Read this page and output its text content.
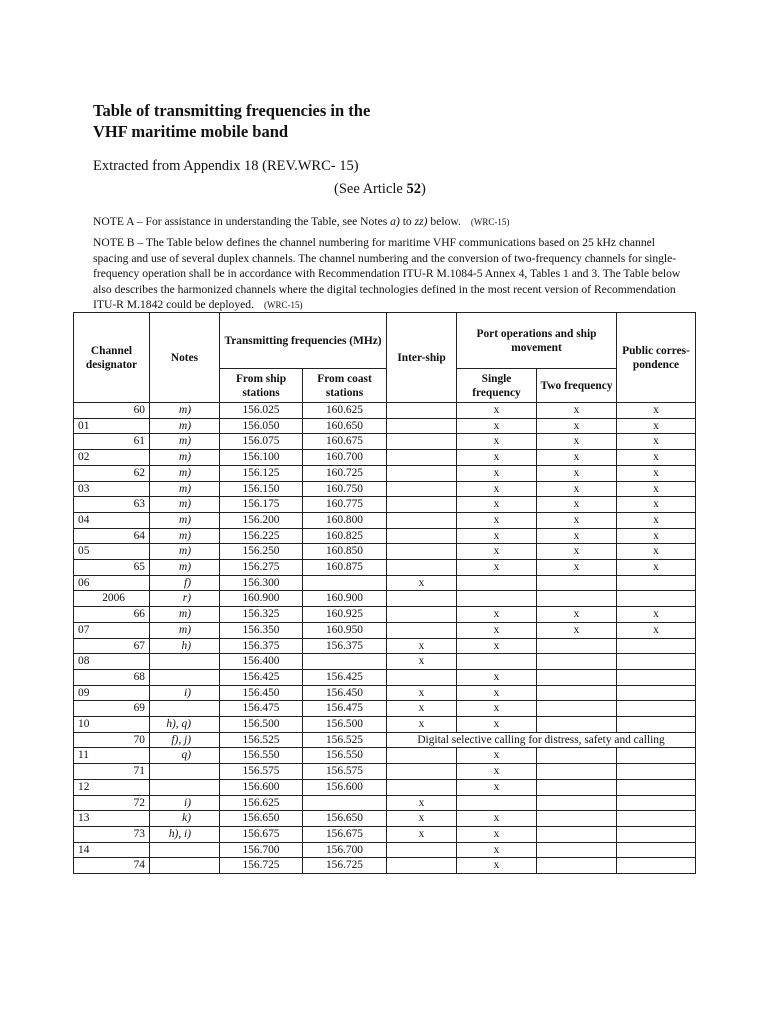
Table of transmitting frequencies in the
VHF maritime mobile band
Extracted from Appendix 18 (REV.WRC- 15)
(See Article 52)
NOTE A – For assistance in understanding the Table, see Notes a) to zz) below. (WRC-15)
NOTE B – The Table below defines the channel numbering for maritime VHF communications based on 25 kHz channel spacing and use of several duplex channels. The channel numbering and the conversion of two-frequency channels for single-frequency operation shall be in accordance with Recommendation ITU-R M.1084-5 Annex 4, Tables 1 and 3. The Table below also describes the harmonized channels where the digital technologies defined in the most recent version of Recommendation ITU-R M.1842 could be deployed. (WRC-15)
Channel designator	Notes	Transmitting frequencies (MHz)		Inter-ship	Port operations and ship movement		Public corres-pondence
		From ship stations	From coast stations		Single frequency	Two frequency	
60	m)	156.025	160.625		x	x	x
01	m)	156.050	160.650		x	x	x
61	m)	156.075	160.675		x	x	x
02	m)	156.100	160.700		x	x	x
62	m)	156.125	160.725		x	x	x
03	m)	156.150	160.750		x	x	x
63	m)	156.175	160.775		x	x	x
04	m)	156.200	160.800		x	x	x
64	m)	156.225	160.825		x	x	x
05	m)	156.250	160.850		x	x	x
65	m)	156.275	160.875		x	x	x
06	f)	156.300		x			
2006	r)	160.900	160.900				
66	m)	156.325	160.925		x	x	x
07	m)	156.350	160.950		x	x	x
67	h)	156.375	156.375	x	x		
08		156.400		x			
68		156.425	156.425		x		
09	i)	156.450	156.450	x	x		
69		156.475	156.475	x	x		
10	h), q)	156.500	156.500	x	x		
70	f), j)	156.525	156.525	Digital selective calling for distress, safety and calling			
11	q)	156.550	156.550		x		
71		156.575	156.575		x		
12		156.600	156.600		x		
72	i)	156.625		x			
13	k)	156.650	156.650	x	x		
73	h), i)	156.675	156.675	x	x		
14		156.700	156.700		x		
74		156.725	156.725		x		
